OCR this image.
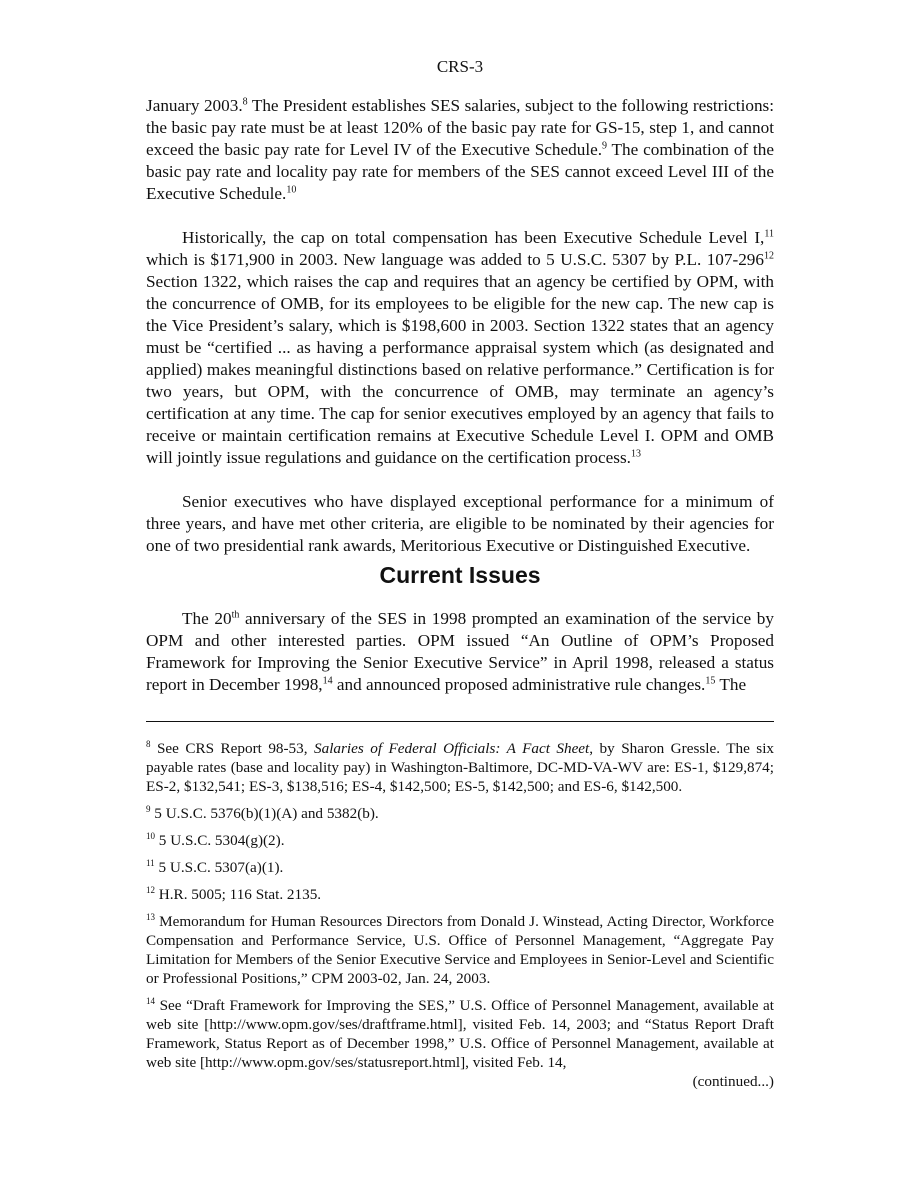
CRS-3

January 2003.$^8$ The President establishes SES salaries, subject to the following restrictions: the basic pay rate must be at least 120% of the basic pay rate for GS-15, step 1, and cannot exceed the basic pay rate for Level IV of the Executive Schedule.$^9$ The combination of the basic pay rate and locality pay rate for members of the SES cannot exceed Level III of the Executive Schedule.$^{10}$

Historically, the cap on total compensation has been Executive Schedule Level I,$^{11}$ which is $171,900 in 2003. New language was added to 5 U.S.C. 5307 by P.L. $107-296^{12}$ Section 1322, which raises the cap and requires that an agency be certified by OPM, with the concurrence of OMB, for its employees to be eligible for the new cap. The new cap is the Vice President’s salary, which is $198,600 in 2003. Section 1322 states that an agency must be “certified ... as having a performance appraisal system which (as designated and applied) makes meaningful distinctions based on relative performance.” Certification is for two years, but OPM, with the concurrence of OMB, may terminate an agency’s certification at any time. The cap for senior executives employed by an agency that fails to receive or maintain certification remains at Executive Schedule Level I. OPM and OMB will jointly issue regulations and guidance on the certification process.$^{13}$

Senior executives who have displayed exceptional performance for a minimum of three years, and have met other criteria, are eligible to be nominated by their agencies for one of two presidential rank awards, Meritorious Executive or Distinguished Executive.

Current Issues

The 20th anniversary of the SES in 1998 prompted an examination of the service by OPM and other interested parties. OPM issued “An Outline of OPM’s Proposed Framework for Improving the Senior Executive Service” in April 1998, released a status report in December 1998,14 and announced proposed administrative rule changes.$^{15}$ The

$^8$ See CRS Report 98-53, Salaries of Federal Officials: A Fact Sheet, by Sharon Gressle. The six payable rates (base and locality pay) in Washington-Baltimore, DC-MD-VA-WV are: ES-1, $129,874; ES-2, $132,541; ES-3, $138,516; ES-4, $142,500; ES-5, $142,500; and ES-6, $142,500.

$^9$ 5 U.S.C. 5376(b)(1)(A) and 5382(b).

$^{10}$ 5 U.S.C. 5304(g)(2).

$^{11}$ 5 U.S.C. 5307(a)(1).

$^{12}$ H.R. 5005; 116 Stat. 2135.

$^{13}$ Memorandum for Human Resources Directors from Donald J. Winstead, Acting Director, Workforce Compensation and Performance Service, U.S. Office of Personnel Management, “Aggregate Pay Limitation for Members of the Senior Executive Service and Employees in Senior-Level and Scientific or Professional Positions,” CPM 2003-02, Jan. 24, 2003.

$^{14}$ See “Draft Framework for Improving the SES,” U.S. Office of Personnel Management, available at web site [http://www.opm.gov/ses/draftframe.html], visited Feb. 14, 2003; and “Status Report Draft Framework, Status Report as of December 1998,” U.S. Office of Personnel Management, available at web site [http://www.opm.gov/ses/statusreport.html], visited Feb. 14,

(continued...)
